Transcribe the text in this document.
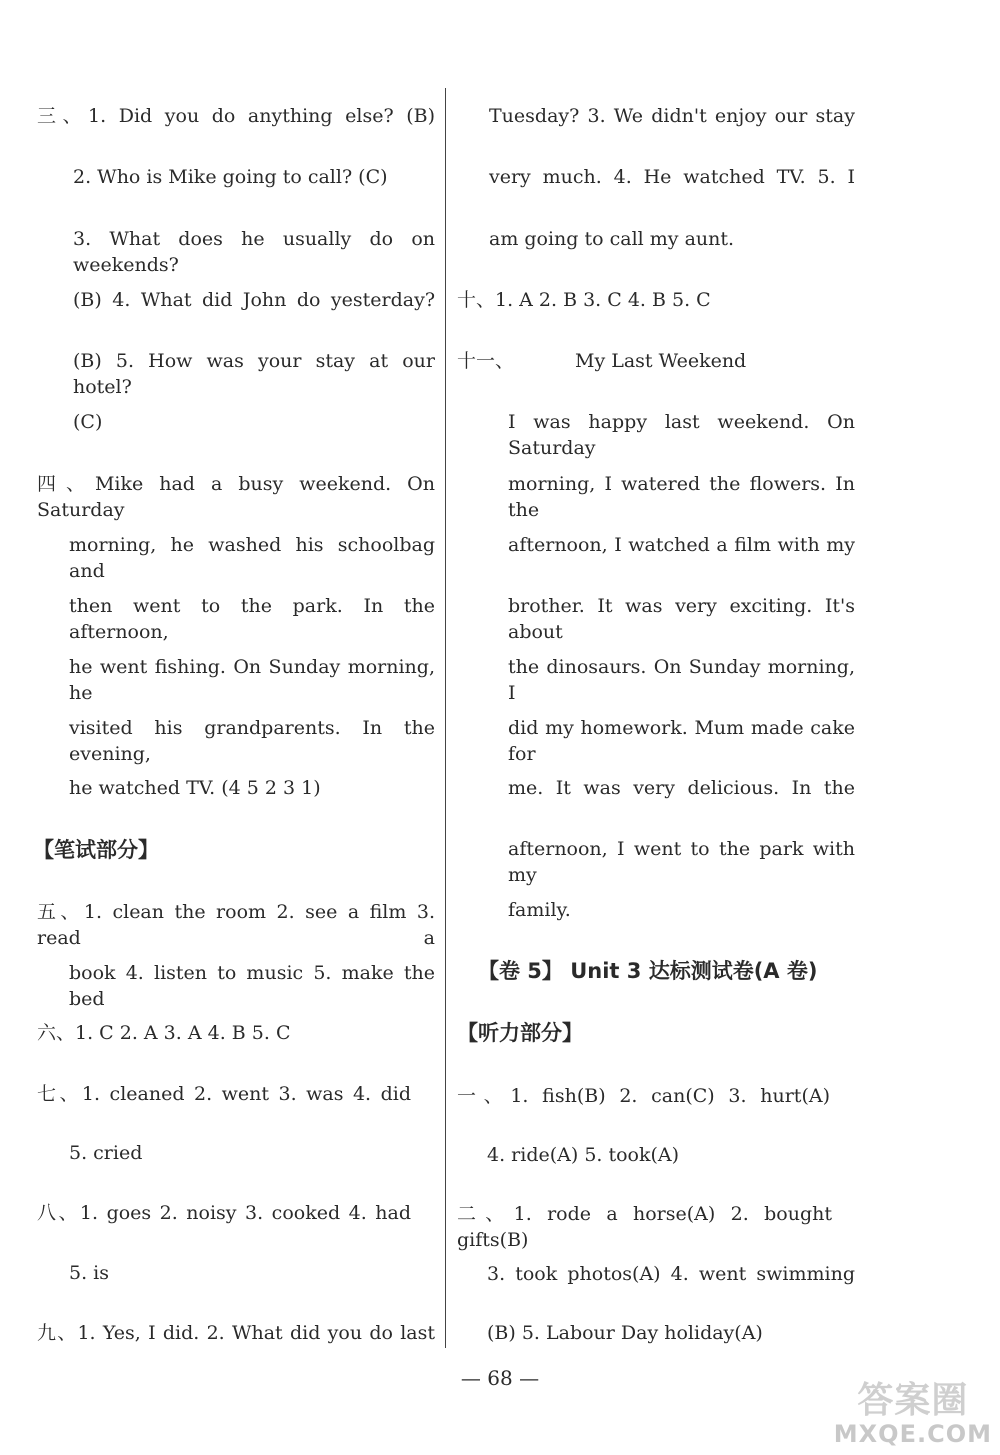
三、1. Did you do anything else? (B)
2. Who is Mike going to call? (C)
3. What does he usually do on weekends?
(B) 4. What did John do yesterday?
(B) 5. How was your stay at our hotel?
(C)
四、Mike had a busy weekend. On Saturday
morning, he washed his schoolbag and
then went to the park. In the afternoon,
he went fishing. On Sunday morning, he
visited his grandparents. In the evening,
he watched TV. (4 5 2 3 1)
【笔试部分】
五、1. clean the room 2. see a film 3. read a
book 4. listen to music 5. make the bed
六、1. C 2. A 3. A 4. B 5. C
七、1. cleaned 2. went 3. was 4. did
5. cried
八、1. goes 2. noisy 3. cooked 4. had
5. is
九、1. Yes, I did. 2. What did you do last
Tuesday? 3. We didn't enjoy our stay
very much. 4. He watched TV. 5. I
am going to call my aunt.
十、1. A 2. B 3. C 4. B 5. C
十一、	My Last Weekend
I was happy last weekend. On Saturday
morning, I watered the flowers. In the
afternoon, I watched a film with my
brother. It was very exciting. It's about
the dinosaurs. On Sunday morning, I
did my homework. Mum made cake for
me. It was very delicious. In the
afternoon, I went to the park with my
family.
【卷 5】 Unit 3 达标测试卷(A 卷)
【听力部分】
一、1. fish(B) 2. can(C) 3. hurt(A)
4. ride(A) 5. took(A)
二、1. rode a horse(A) 2. bought gifts(B)
3. took photos(A) 4. went swimming
(B) 5. Labour Day holiday(A)
— 68 —
答案圈
MXQE.COM
